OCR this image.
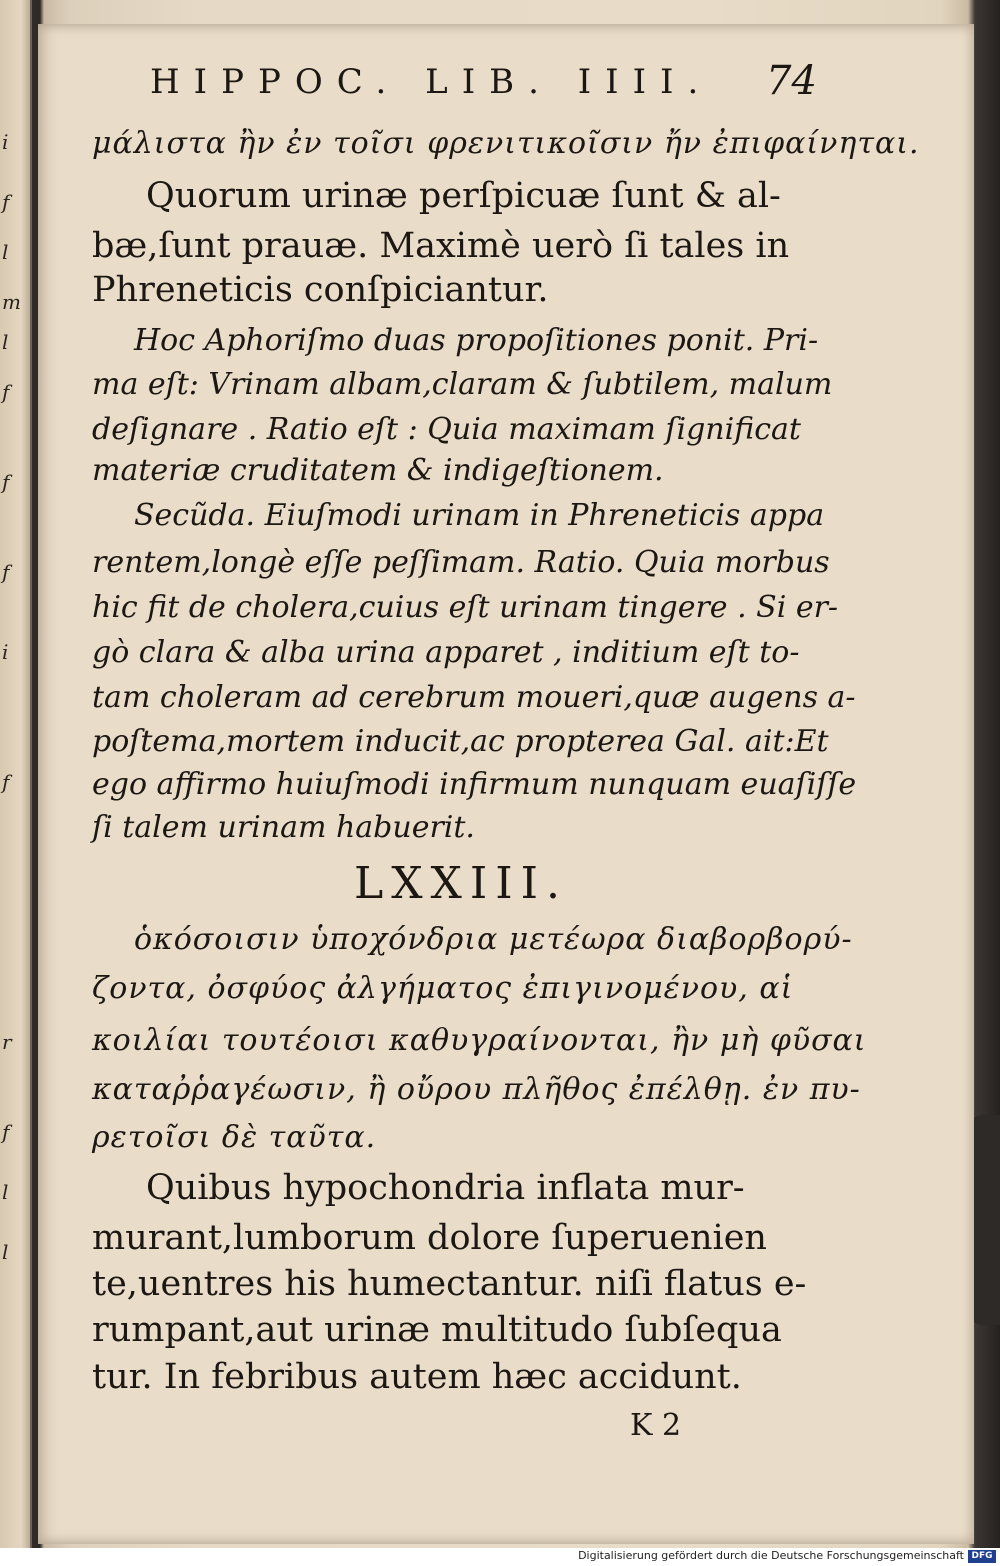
i
f
l
m
l
f
f
f
i
f
r
f
l
l
HIPPOC. LIB. IIII. 74
μάλιστα ἢν ἐν τοῖσι φρενιτικοῖσιν ἤν ἐπιφαίνηται.
Quorum urinæ perſpicuæ ſunt & al-
bæ,ſunt prauæ. Maximè uerò ſi tales in
Phreneticis conſpiciantur.
Hoc Aphoriſmo duas propoſitiones ponit. Pri-
ma eſt: Vrinam albam,claram & ſubtilem, malum
deſignare . Ratio eſt : Quia maximam ſignificat
materiæ cruditatem & indigeſtionem.
Secũda. Eiuſmodi urinam in Phreneticis appa
rentem,longè eſſe peſſimam. Ratio. Quia morbus
hic fit de cholera,cuius eſt urinam tingere . Si er-
gò clara & alba urina apparet , inditium eſt to-
tam choleram ad cerebrum moueri,quæ augens a-
poſtema,mortem inducit,ac propterea Gal. ait:Et
ego affirmo huiuſmodi infirmum nunquam euaſiſſe
ſi talem urinam habuerit.
LXXIII.
ὁκόσοισιν ὑποχόνδρια μετέωρα διαβορβορύ-
ζοντα, ὀσφύος ἀλγήματος ἐπιγινομένου, αἱ
κοιλίαι τουτέοισι καθυγραίνονται, ἢν μὴ φῦσαι
καταῤῥαγέωσιν, ἢ οὔρου πλῆθος ἐπέλθῃ. ἐν πυ-
ρετοῖσι δὲ ταῦτα.
Quibus hypochondria inflata mur-
murant,lumborum dolore ſuperuenien
te,uentres his humectantur. niſi flatus e-
rumpant,aut urinæ multitudo ſubſequa
tur. In febribus autem hæc accidunt.
K 2
Digitalisierung gefördert durch die Deutsche Forschungsgemeinschaft DFG
